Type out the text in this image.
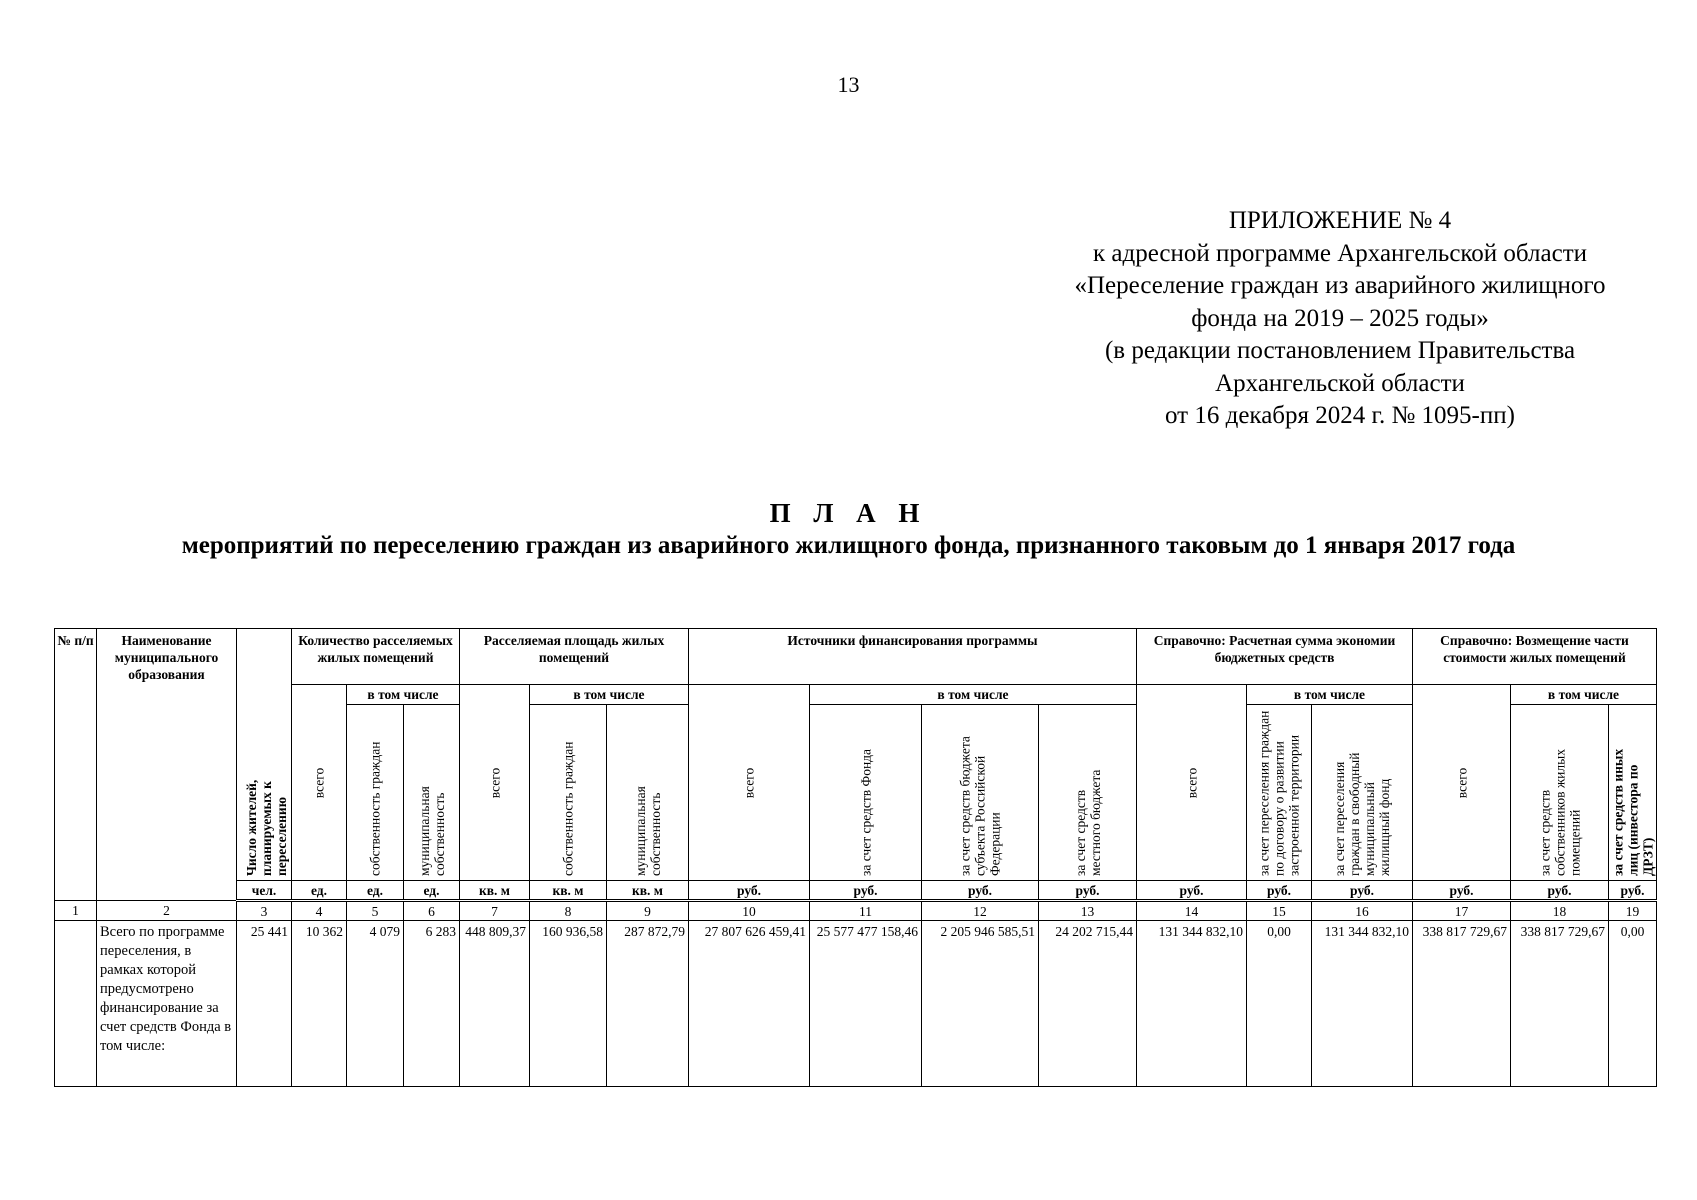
13
ПРИЛОЖЕНИЕ № 4
к адресной программе Архангельской области
«Переселение граждан из аварийного жилищного
фонда на 2019 – 2025 годы»
(в редакции постановлением Правительства
Архангельской области
от 16 декабря 2024 г. № 1095-пп)
П Л А Н
мероприятий по переселению граждан из аварийного жилищного фонда, признанного таковым до 1 января 2017 года
№ п/п	Наименование муниципального образования	Число жителей, планируемых к переселению	Количество расселяемых жилых помещений			Расселяемая площадь жилых помещений			Источники финансирования программы				Справочно: Расчетная сумма экономии бюджетных средств			Справочно: Возмещение части стоимости жилых помещений		

			всего	в том числе		всего	в том числе		всего	в том числе			всего	в том числе		всего	в том числе	

				собственность граждан	муниципальная собственность		собственность граждан	муниципальная собственность		за счет средств Фонда	за счет средств бюджета субъекта Российской Федерации	за счет средств местного бюджета		за счет переселения граждан по договору о развитии застроенной территории	за счет переселения граждан в свободный муниципальный жилищный фонд		за счет средств собственников жилых помещений	за счет средств иных лиц (инвестора по ДРЗТ)

		чел.	ед.	ед.	ед.	кв. м	кв. м	кв. м	руб.	руб.	руб.	руб.	руб.	руб.	руб.	руб.	руб.	руб.
1	2	3	4	5	6	7	8	9	10	11	12	13	14	15	16	17	18	19
	Всего по программе переселения, в рамках которой предусмотрено финансирование за счет средств Фонда в том числе:	25 441	10 362	4 079	6 283	448 809,37	160 936,58	287 872,79	27 807 626 459,41	25 577 477 158,46	2 205 946 585,51	24 202 715,44	131 344 832,10	0,00	131 344 832,10	338 817 729,67	338 817 729,67	0,00
